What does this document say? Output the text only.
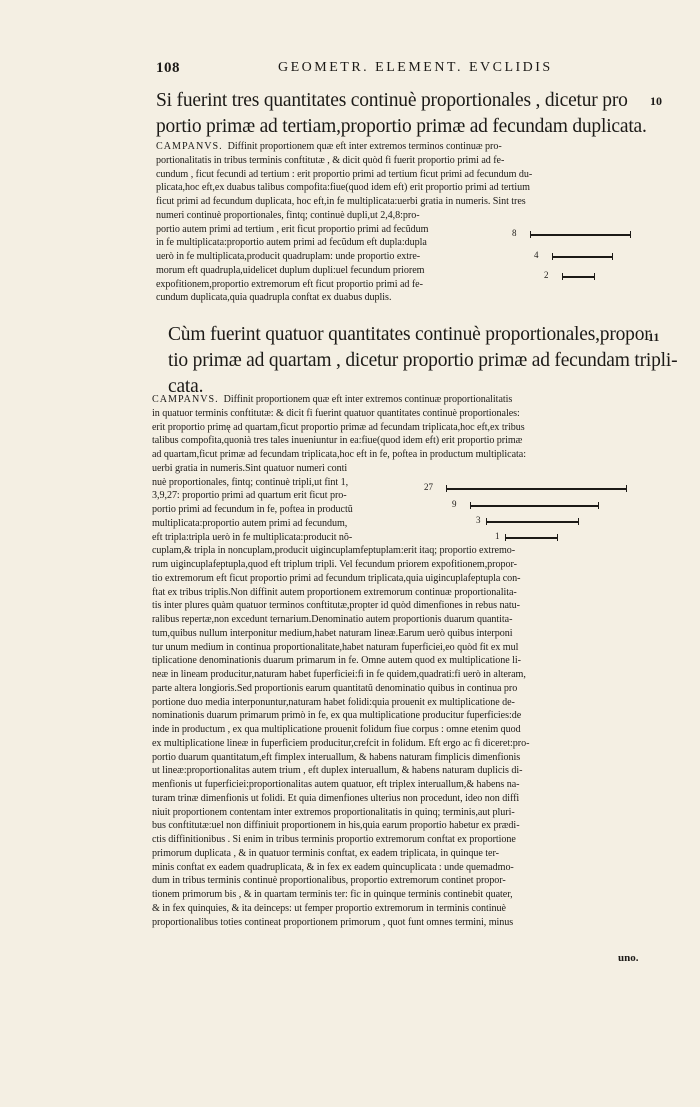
108	GEOMETR. ELEMENT. EVCLIDIS
Si fuerint tres quantitates continuè proportionales , dicetur pro
portio primæ ad tertiam,proportio primæ ad fecundam duplicata.
10
CAMPANVS. Diffinit proportionem quæ eft inter extremos terminos continuæ pro-
portionalitatis in tribus terminis conftitutæ , & dicit quòd fi fuerit proportio primi ad fe-
cundum , ficut fecundi ad tertium : erit proportio primi ad tertium ficut primi ad fecundum du-
plicata,hoc eft,ex duabus talibus compofita:fiue(quod idem eft) erit proportio primi ad tertium
ficut primi ad fecundum duplicata, hoc eft,in fe multiplicata:uerbi gratia in numeris. Sint tres
numeri continuè proportionales, fintq; continuè dupli,ut 2,4,8:pro-
portio autem primi ad tertium , erit ficut proportio primi ad fecũdum
in fe multiplicata:proportio autem primi ad fecũdum eft dupla:dupla
uerò in fe multiplicata,producit quadruplam: unde proportio extre-
morum eft quadrupla,uidelicet duplum dupli:uel fecundum priorem
expofitionem,proportio extremorum eft ficut proportio primi ad fe-
cundum duplicata,quia quadrupla conftat ex duabus duplis.
8
4
2
Cùm fuerint quatuor quantitates continuè proportionales,propor
tio primæ ad quartam , dicetur proportio primæ ad fecundam tripli-
cata.
11
CAMPANVS. Diffinit proportionem quæ eft inter extremos continuæ proportionalitatis
in quatuor terminis conftitutæ: & dicit fi fuerint quatuor quantitates continuè proportionales:
erit proportio primę ad quartam,ficut proportio primæ ad fecundam triplicata,hoc eft,ex tribus
talibus compofita,quonià tres tales inueniuntur in ea:fiue(quod idem eft) erit proportio primæ
ad quartam,ficut primæ ad fecundam triplicata,hoc eft in fe, poftea in productum multiplicata:
uerbi gratia in numeris.Sint quatuor numeri conti
nuè proportionales, fintq; continuè tripli,ut fint 1,
3,9,27: proportio primi ad quartum erit ficut pro-
portio primi ad fecundum in fe, poftea in productũ
multiplicata:proportio autem primi ad fecundum,
eft tripla:tripla uerò in fe multiplicata:producit nõ-
cuplam,& tripla in noncuplam,producit uigincuplamfeptuplam:erit itaq; proportio extremo-
rum uigincuplafeptupla,quod eft triplum tripli. Vel fecundum priorem expofitionem,propor-
tio extremorum eft ficut proportio primi ad fecundum triplicata,quia uigincuplafeptupla con-
ftat ex tribus triplis.Non diffinit autem proportionem extremorum continuæ proportionalita-
tis inter plures quàm quatuor terminos conftitutæ,propter id quòd dimenfiones in rebus natu-
ralibus repertæ,non excedunt ternarium.Denominatio autem proportionis duarum quantita-
tum,quibus nullum interponitur medium,habet naturam lineæ.Earum uerò quibus interponi
tur unum medium in continua proportionalitate,habet naturam fuperficiei,eo quòd fit ex mul
tiplicatione denominationis duarum primarum in fe. Omne autem quod ex multiplicatione li-
neæ in lineam producitur,naturam habet fuperficiei:fi in fe quidem,quadrati:fi uerò in alteram,
parte altera longioris.Sed proportionis earum quantitatũ denominatio quibus in continua pro
portione duo media interponuntur,naturam habet folidi:quia prouenit ex multiplicatione de-
nominationis duarum primarum primò in fe, ex qua multiplicatione producitur fuperficies:de
inde in productum , ex qua multiplicatione prouenit folidum fiue corpus : omne etenim quod
ex multiplicatione lineæ in fuperficiem producitur,crefcit in folidum. Eft ergo ac fi diceret:pro-
portio duarum quantitatum,eft fimplex interuallum, & habens naturam fimplicis dimenfionis
ut lineæ:proportionalitas autem trium , eft duplex interuallum, & habens naturam duplicis di-
menfionis ut fuperficiei:proportionalitas autem quatuor, eft triplex interuallum,& habens na-
turam trinæ dimenfionis ut folidi. Et quia dimenfiones ulterius non procedunt, ideo non diffi
niuit proportionem contentam inter extremos proportionalitatis in quinq; terminis,aut pluri-
bus conftitutæ:uel non diffiniuit proportionem in his,quia earum proportio habetur ex prædi-
ctis diffinitionibus . Si enim in tribus terminis proportio extremorum conftat ex proportione
primorum duplicata , & in quatuor terminis conftat, ex eadem triplicata, in quinque ter-
minis conftat ex eadem quadruplicata, & in fex ex eadem quincuplicata : unde quemadmo-
dum in tribus terminis continuè proportionalibus, proportio extremorum continet propor-
tionem primorum bis , & in quartam terminis ter: fic in quinque terminis continebit quater,
& in fex quinquies, & ita deinceps: ut femper proportio extremorum in terminis continuè
proportionalibus toties contineat proportionem primorum , quot funt omnes termini, minus
27
9
3
1
uno.
